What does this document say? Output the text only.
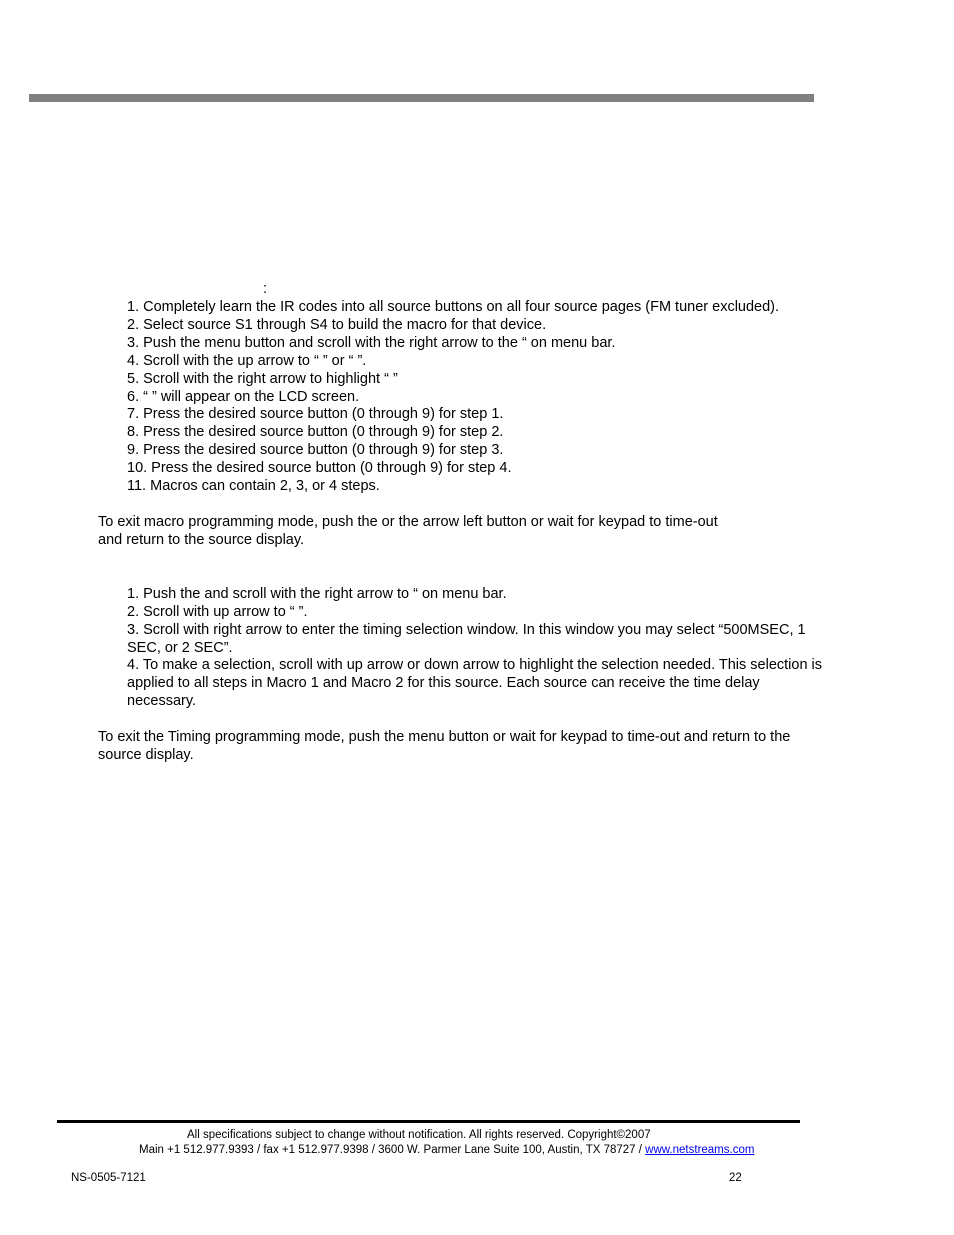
:
1. Completely learn the IR codes into all source buttons on all four source pages (FM tuner excluded).
2. Select source S1 through S4 to build the macro for that device.
3. Push the menu button and scroll with the right arrow to the “ on menu bar.
4. Scroll with the up arrow to “ ” or “ ”.
5. Scroll with the right arrow to highlight “ ”
6. “ ” will appear on the LCD screen.
7. Press the desired source button (0 through 9) for step 1.
8. Press the desired source button (0 through 9) for step 2.
9. Press the desired source button (0 through 9) for step 3.
10. Press the desired source button (0 through 9) for step 4.
11. Macros can contain 2, 3, or 4 steps.
To exit macro programming mode, push the or the arrow left button or wait for keypad to time-out
and return to the source display.
1. Push the and scroll with the right arrow to “ on menu bar.
2. Scroll with up arrow to “ ”.
3. Scroll with right arrow to enter the timing selection window. In this window you may select “500MSEC, 1
SEC, or 2 SEC”.
4. To make a selection, scroll with up arrow or down arrow to highlight the selection needed. This selection is
applied to all steps in Macro 1 and Macro 2 for this source. Each source can receive the time delay
necessary.
To exit the Timing programming mode, push the menu button or wait for keypad to time-out and return to the
source display.
All specifications subject to change without notification. All rights reserved. Copyright©2007
Main +1 512.977.9393 / fax +1 512.977.9398 / 3600 W. Parmer Lane Suite 100, Austin, TX 78727 / www.netstreams.com
NS-0505-7121	22
